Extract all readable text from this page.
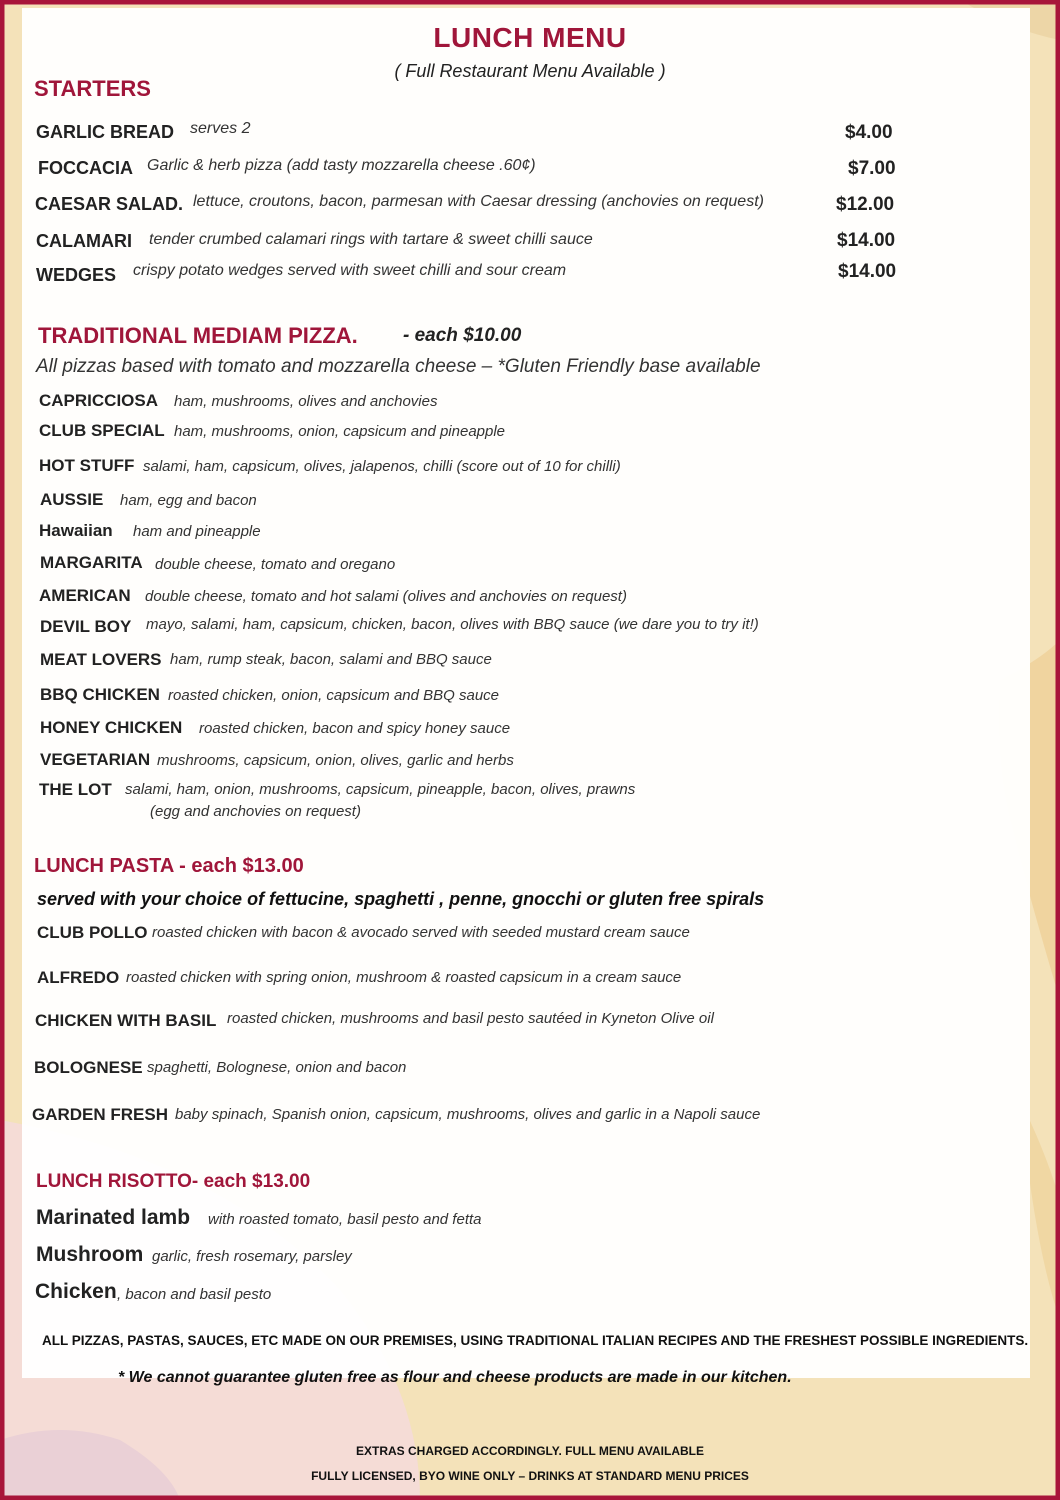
LUNCH MENU
( Full Restaurant Menu Available )
STARTERS
GARLIC BREAD serves 2	$4.00
FOCCACIA Garlic & herb pizza (add tasty mozzarella cheese .60¢)	$7.00
CAESAR SALAD. lettuce, croutons, bacon, parmesan with Caesar dressing (anchovies on request)	$12.00
CALAMARI tender crumbed calamari rings with tartare & sweet chilli sauce	$14.00
WEDGES crispy potato wedges served with sweet chilli and sour cream	$14.00
TRADITIONAL MEDIAM PIZZA. - each $10.00
All pizzas based with tomato and mozzarella cheese – *Gluten Friendly base available
CAPRICCIOSA ham, mushrooms, olives and anchovies
CLUB SPECIAL ham, mushrooms, onion, capsicum and pineapple
HOT STUFF salami, ham, capsicum, olives, jalapenos, chilli (score out of 10 for chilli)
AUSSIE ham, egg and bacon
Hawaiian ham and pineapple
MARGARITA double cheese, tomato and oregano
AMERICAN double cheese, tomato and hot salami (olives and anchovies on request)
DEVIL BOY mayo, salami, ham, capsicum, chicken, bacon, olives with BBQ sauce (we dare you to try it!)
MEAT LOVERS ham, rump steak, bacon, salami and BBQ sauce
BBQ CHICKEN roasted chicken, onion, capsicum and BBQ sauce
HONEY CHICKEN roasted chicken, bacon and spicy honey sauce
VEGETARIAN mushrooms, capsicum, onion, olives, garlic and herbs
THE LOT salami, ham, onion, mushrooms, capsicum, pineapple, bacon, olives, prawns
(egg and anchovies on request)
LUNCH PASTA - each $13.00
served with your choice of fettucine, spaghetti , penne, gnocchi or gluten free spirals
CLUB POLLO roasted chicken with bacon & avocado served with seeded mustard cream sauce
ALFREDO roasted chicken with spring onion, mushroom & roasted capsicum in a cream sauce
CHICKEN WITH BASIL roasted chicken, mushrooms and basil pesto sautéed in Kyneton Olive oil
BOLOGNESE spaghetti, Bolognese, onion and bacon
GARDEN FRESH baby spinach, Spanish onion, capsicum, mushrooms, olives and garlic in a Napoli sauce
LUNCH RISOTTO- each $13.00
Marinated lamb with roasted tomato, basil pesto and fetta
Mushroom garlic, fresh rosemary, parsley
Chicken , bacon and basil pesto
ALL PIZZAS, PASTAS, SAUCES, ETC MADE ON OUR PREMISES, USING TRADITIONAL ITALIAN RECIPES AND THE FRESHEST POSSIBLE INGREDIENTS.
* We cannot guarantee gluten free as flour and cheese products are made in our kitchen.
EXTRAS CHARGED ACCORDINGLY. FULL MENU AVAILABLE
FULLY LICENSED, BYO WINE ONLY – DRINKS AT STANDARD MENU PRICES
